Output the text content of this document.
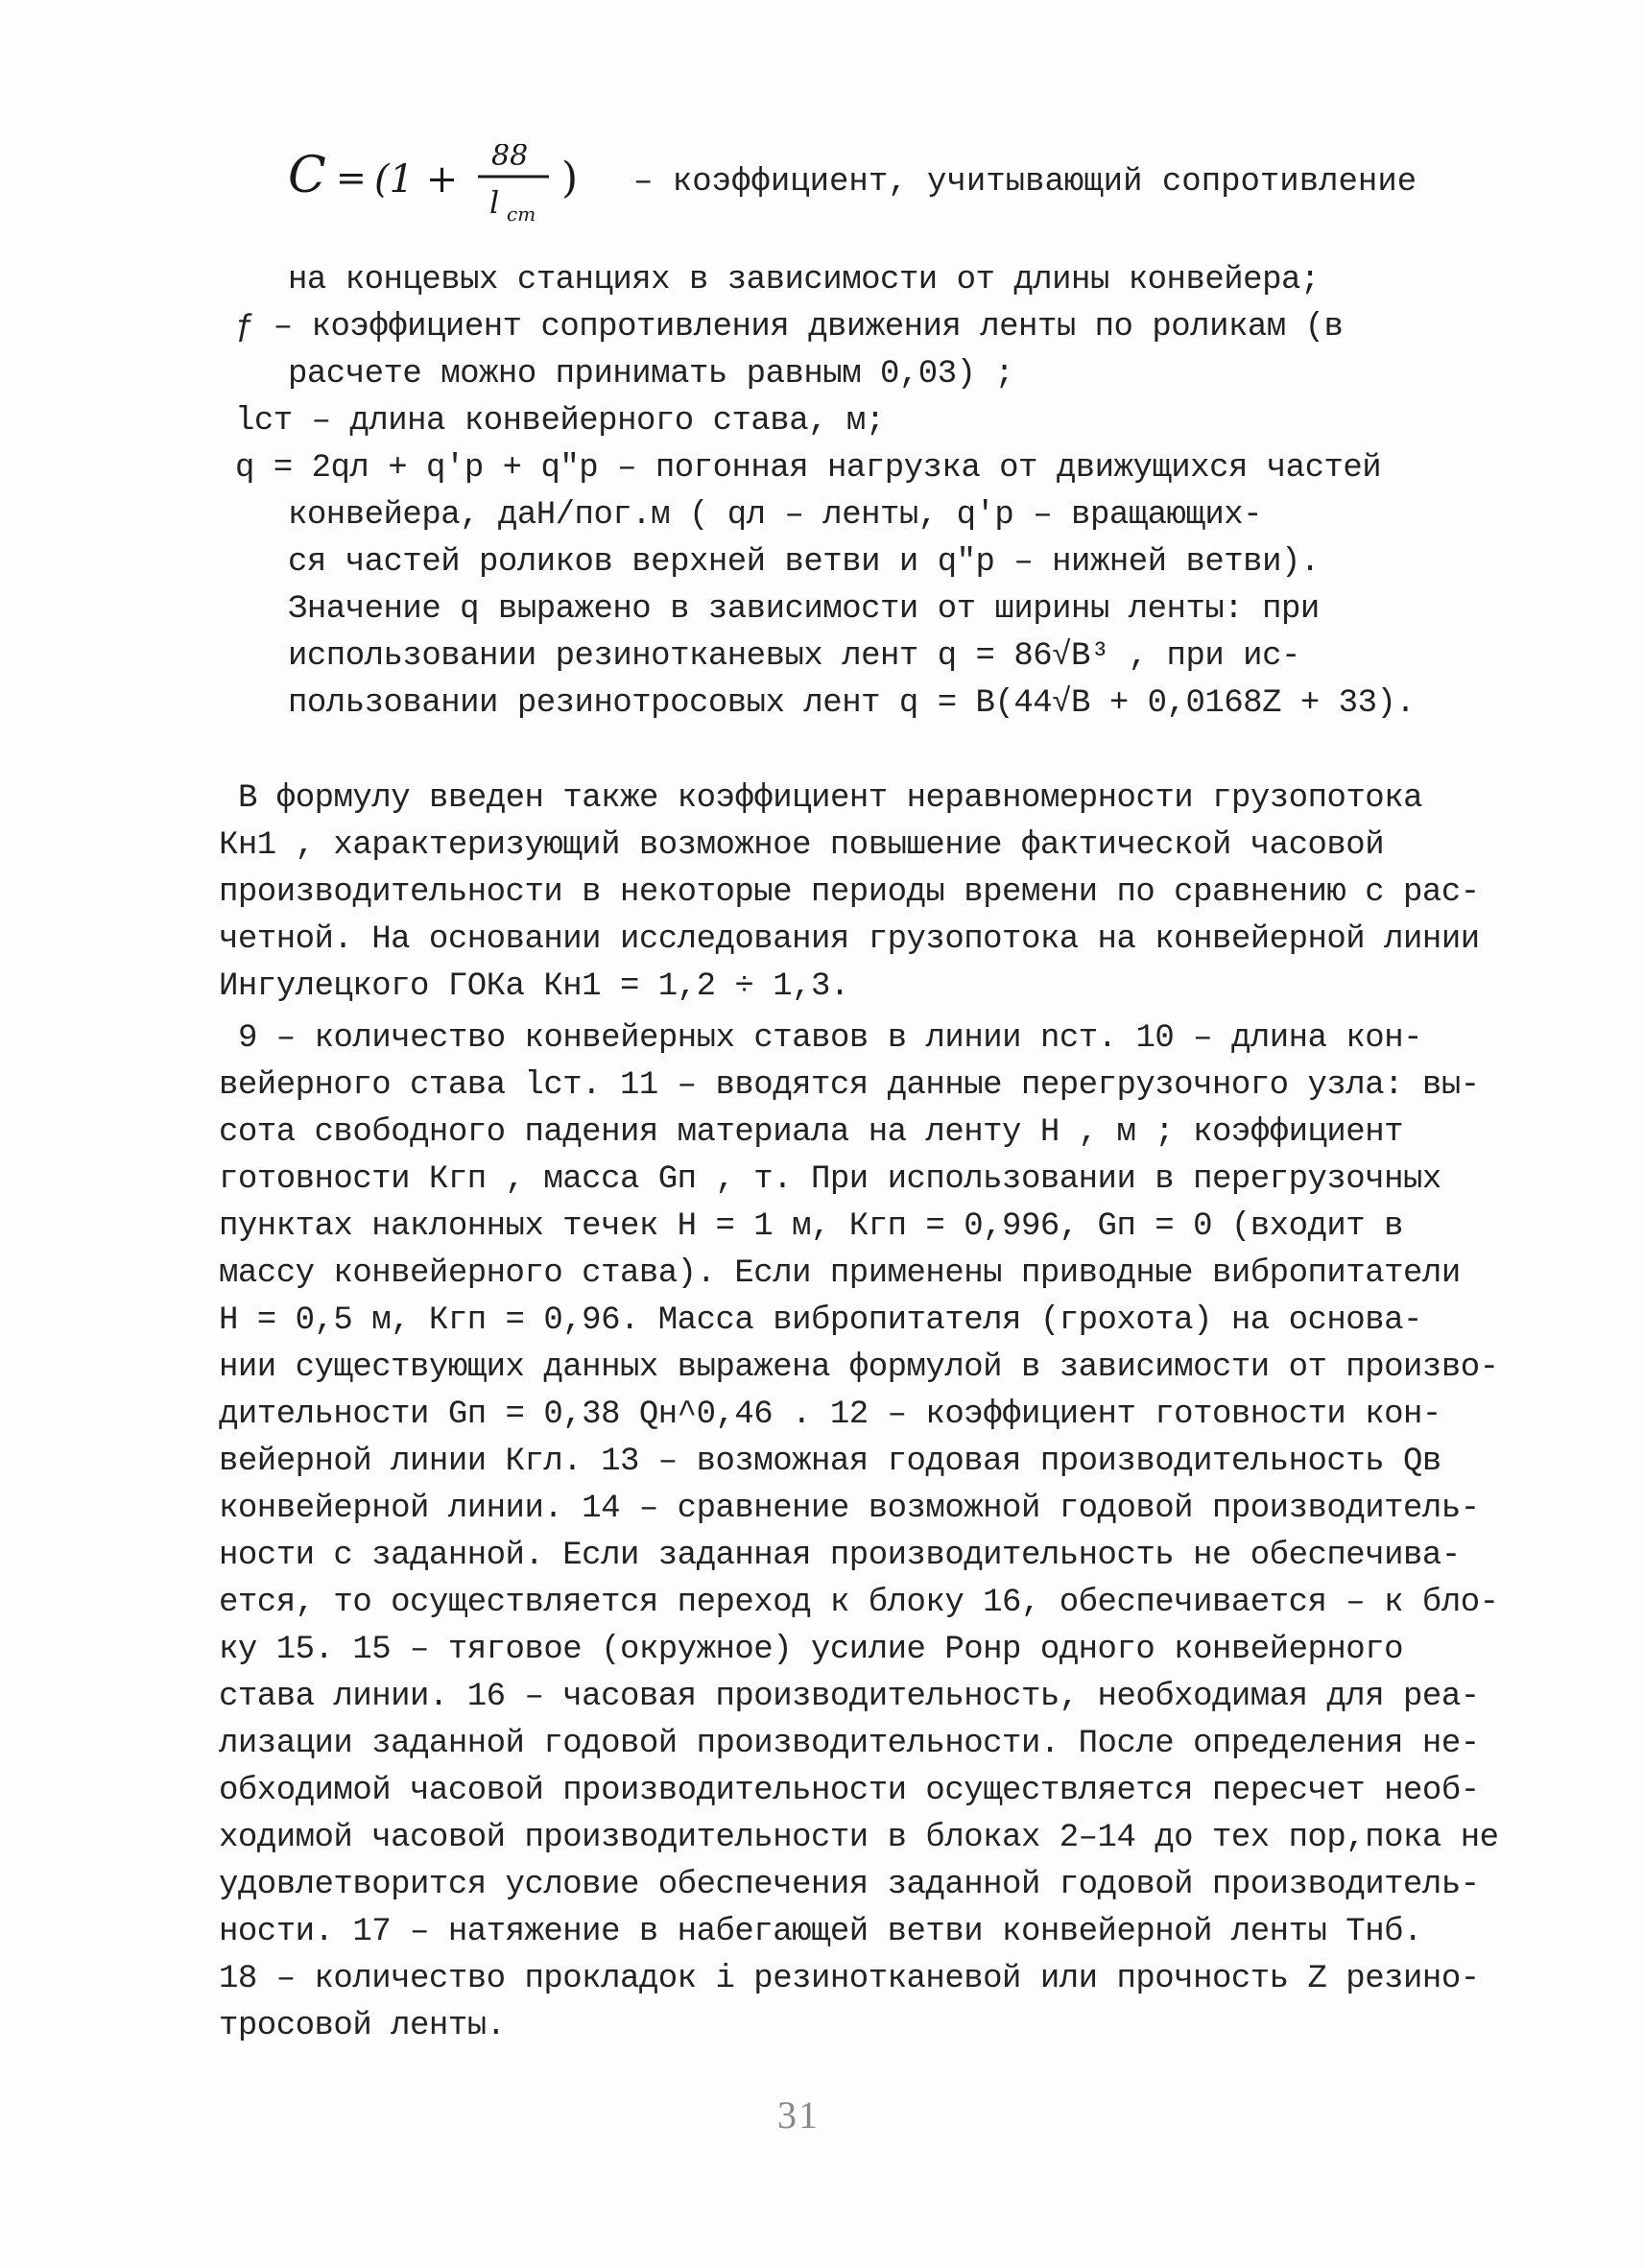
C = (1 +
88
l ст
) – коэффициент, учитывающий сопротивление
на концевых станциях в зависимости от длины конвейера;
ƒ – коэффициент сопротивления движения ленты по роликам (в
расчете можно принимать равным 0,03) ;
lст – длина конвейерного става, м;
q = 2qл + q′р + q″р – погонная нагрузка от движущихся частей
конвейера, даН/пог.м ( qл – ленты, q′р – вращающих-
ся частей роликов верхней ветви и q″р – нижней ветви).
Значение q выражено в зависимости от ширины ленты: при
использовании резинотканевых лент q = 86√B³ , при ис-
пользовании резинотросовых лент q = B(44√B + 0,0168Z + 33).
В формулу введен также коэффициент неравномерности грузопотока
Кн1 , характеризующий возможное повышение фактической часовой
производительности в некоторые периоды времени по сравнению с рас-
четной. На основании исследования грузопотока на конвейерной линии
Ингулецкого ГОКа Кн1 = 1,2 ÷ 1,3.
9 – количество конвейерных ставов в линии nст. 10 – длина кон-
вейерного става lст. 11 – вводятся данные перегрузочного узла: вы-
сота свободного падения материала на ленту H , м ; коэффициент
готовности Кгп , масса Gп , т. При использовании в перегрузочных
пунктах наклонных течек H = 1 м, Кгп = 0,996, Gп = 0 (входит в
массу конвейерного става). Если применены приводные вибропитатели
H = 0,5 м, Кгп = 0,96. Масса вибропитателя (грохота) на основа-
нии существующих данных выражена формулой в зависимости от произво-
дительности Gп = 0,38 Qн^0,46 . 12 – коэффициент готовности кон-
вейерной линии Кгл. 13 – возможная годовая производительность Qв
конвейерной линии. 14 – сравнение возможной годовой производитель-
ности с заданной. Если заданная производительность не обеспечива-
ется, то осуществляется переход к блоку 16, обеспечивается – к бло-
ку 15. 15 – тяговое (окружное) усилие Ронр одного конвейерного
става линии. 16 – часовая производительность, необходимая для реа-
лизации заданной годовой производительности. После определения не-
обходимой часовой производительности осуществляется пересчет необ-
ходимой часовой производительности в блоках 2–14 до тех пор,пока не
удовлетворится условие обеспечения заданной годовой производитель-
ности. 17 – натяжение в набегающей ветви конвейерной ленты Тнб.
18 – количество прокладок i резинотканевой или прочность Z резино-
тросовой ленты.
31
